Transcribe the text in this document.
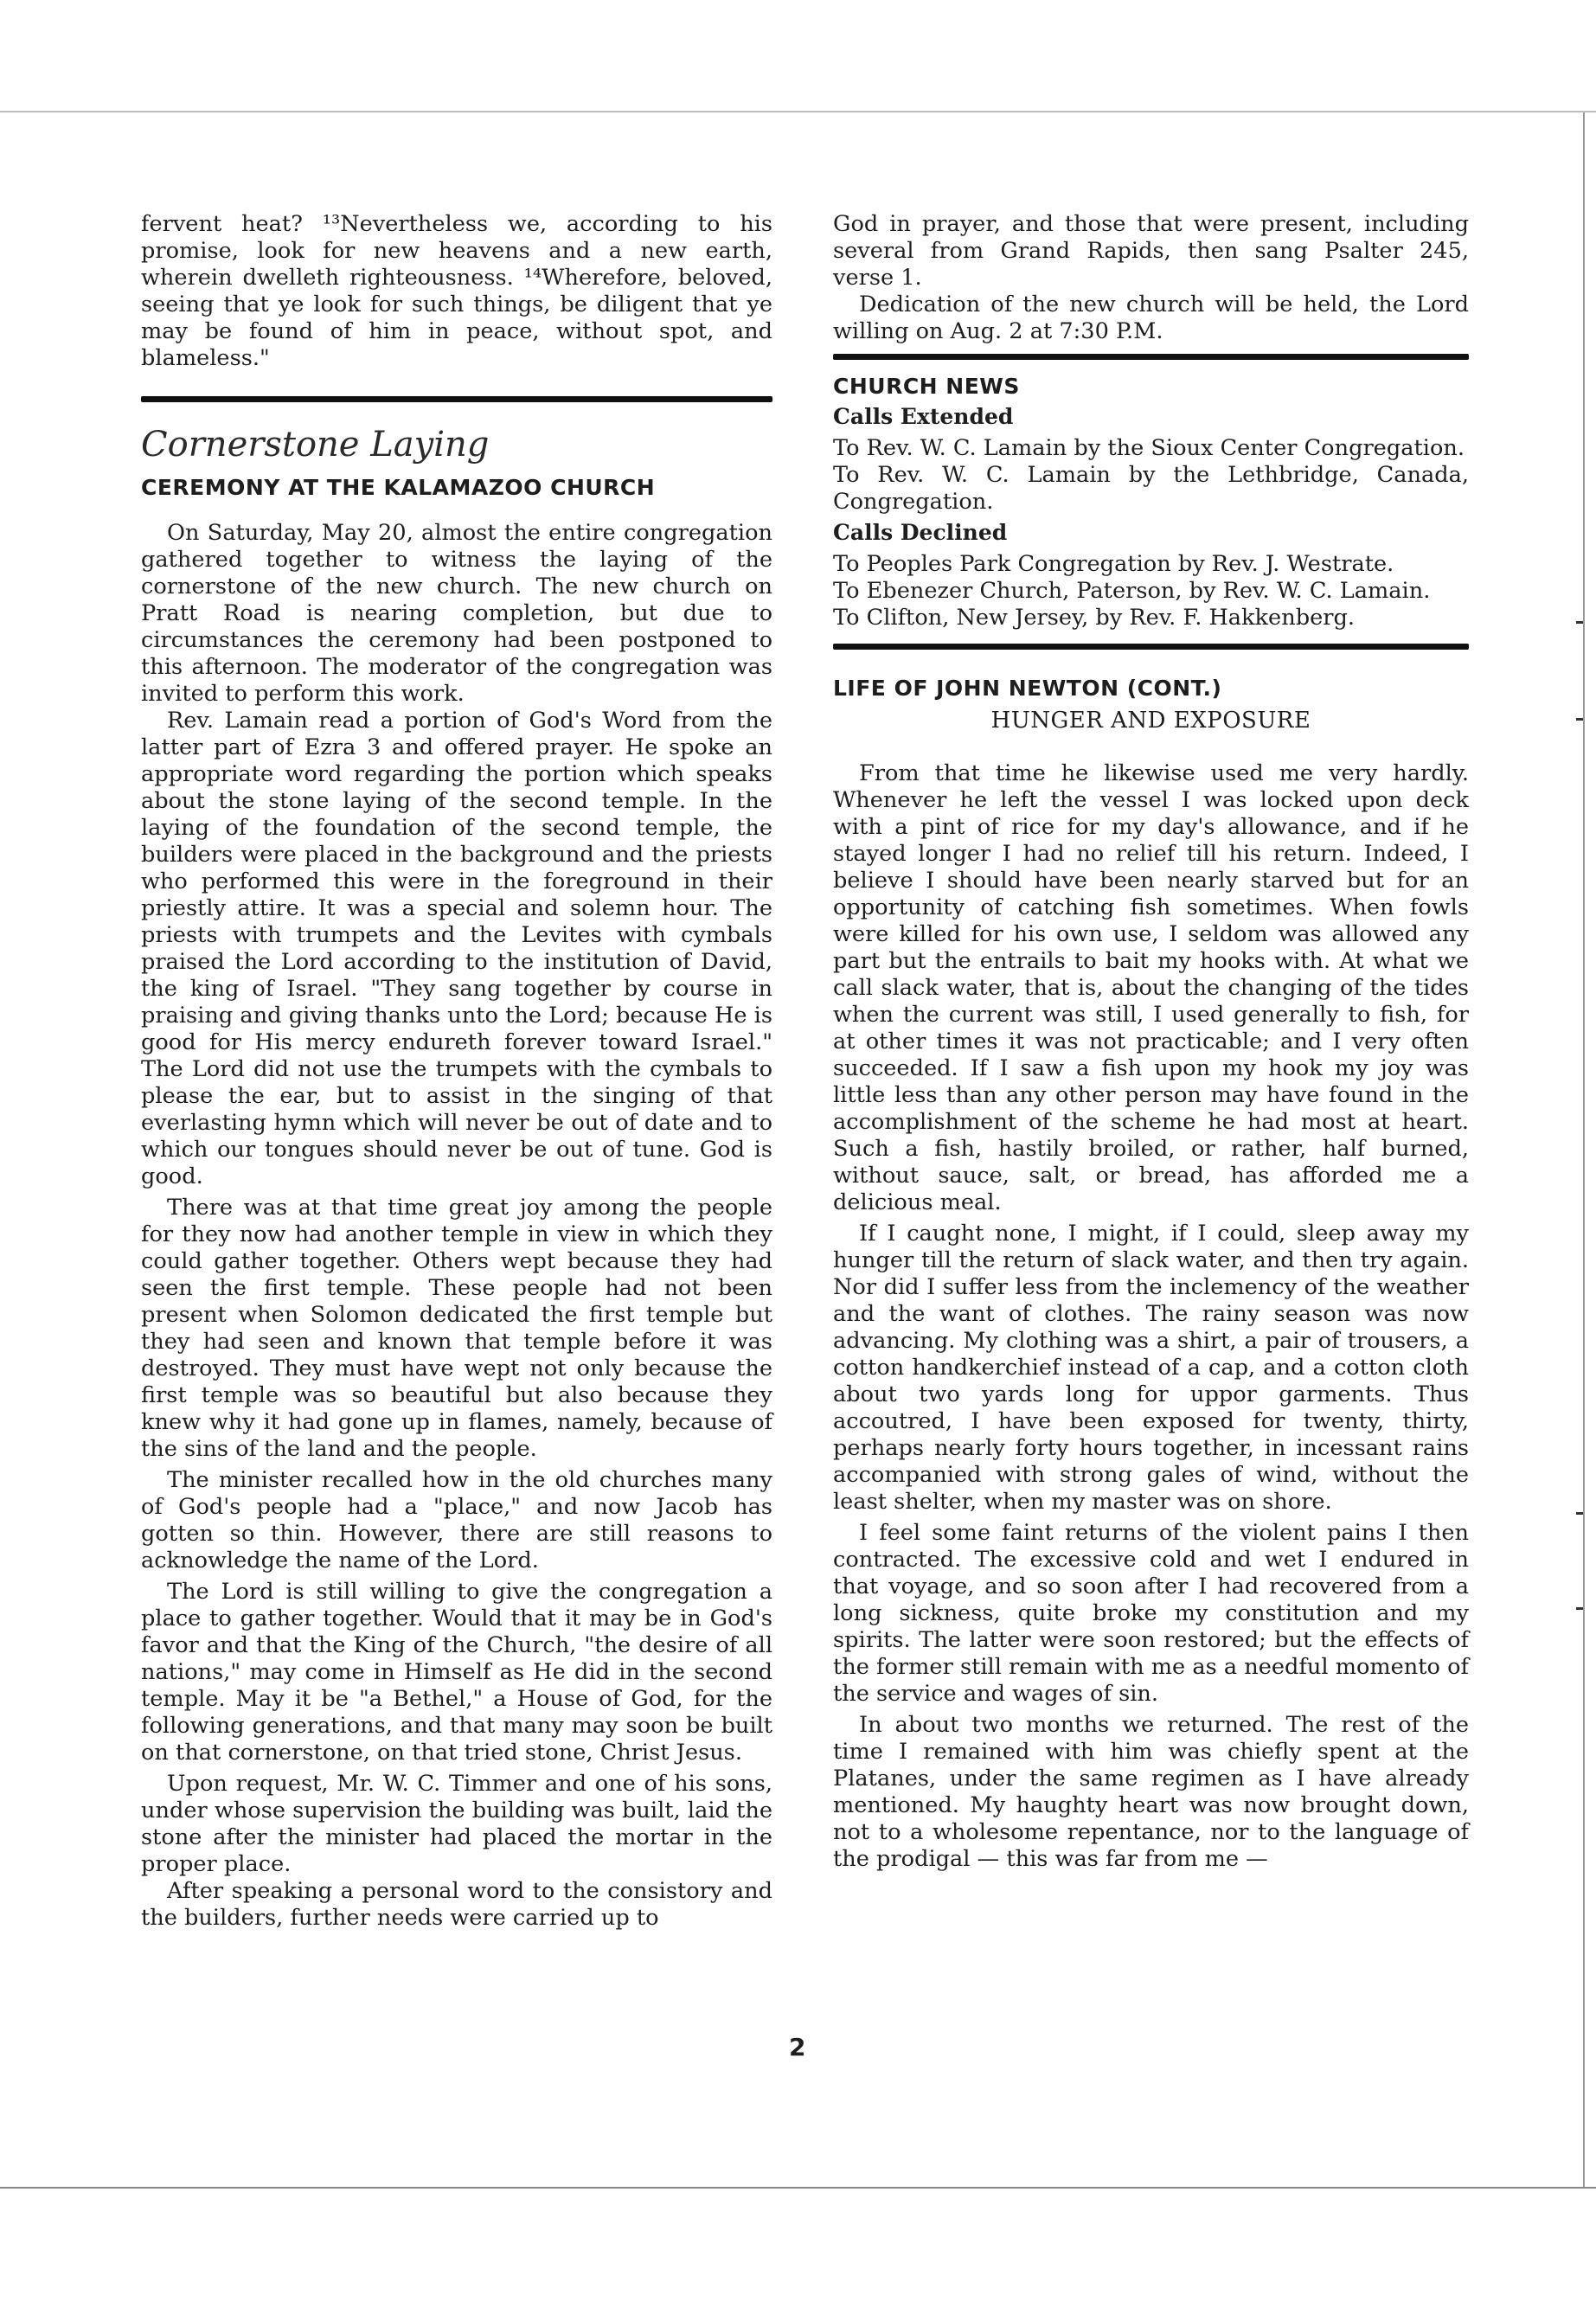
fervent heat? ¹³Nevertheless we, according to his promise, look for new heavens and a new earth, wherein dwelleth righteousness. ¹⁴Wherefore, beloved, seeing that ye look for such things, be diligent that ye may be found of him in peace, without spot, and blameless."

Cornerstone Laying
CEREMONY AT THE KALAMAZOO CHURCH

On Saturday, May 20, almost the entire congregation gathered together to witness the laying of the cornerstone of the new church. The new church on Pratt Road is nearing completion, but due to circumstances the ceremony had been postponed to this afternoon. The moderator of the congregation was invited to perform this work.

Rev. Lamain read a portion of God's Word from the latter part of Ezra 3 and offered prayer. He spoke an appropriate word regarding the portion which speaks about the stone laying of the second temple. In the laying of the foundation of the second temple, the builders were placed in the background and the priests who performed this were in the foreground in their priestly attire. It was a special and solemn hour. The priests with trumpets and the Levites with cymbals praised the Lord according to the institution of David, the king of Israel. "They sang together by course in praising and giving thanks unto the Lord; because He is good for His mercy endureth forever toward Israel." The Lord did not use the trumpets with the cymbals to please the ear, but to assist in the singing of that everlasting hymn which will never be out of date and to which our tongues should never be out of tune. God is good.

There was at that time great joy among the people for they now had another temple in view in which they could gather together. Others wept because they had seen the first temple. These people had not been present when Solomon dedicated the first temple but they had seen and known that temple before it was destroyed. They must have wept not only because the first temple was so beautiful but also because they knew why it had gone up in flames, namely, because of the sins of the land and the people.

The minister recalled how in the old churches many of God's people had a "place," and now Jacob has gotten so thin. However, there are still reasons to acknowledge the name of the Lord.

The Lord is still willing to give the congregation a place to gather together. Would that it may be in God's favor and that the King of the Church, "the desire of all nations," may come in Himself as He did in the second temple. May it be "a Bethel," a House of God, for the following generations, and that many may soon be built on that cornerstone, on that tried stone, Christ Jesus.

Upon request, Mr. W. C. Timmer and one of his sons, under whose supervision the building was built, laid the stone after the minister had placed the mortar in the proper place.

After speaking a personal word to the consistory and the builders, further needs were carried up to

God in prayer, and those that were present, including several from Grand Rapids, then sang Psalter 245, verse 1.

Dedication of the new church will be held, the Lord willing on Aug. 2 at 7:30 P.M.

CHURCH NEWS
Calls Extended

To Rev. W. C. Lamain by the Sioux Center Congregation.

To Rev. W. C. Lamain by the Lethbridge, Canada, Congregation.

Calls Declined

To Peoples Park Congregation by Rev. J. Westrate.

To Ebenezer Church, Paterson, by Rev. W. C. Lamain.

To Clifton, New Jersey, by Rev. F. Hakkenberg.

LIFE OF JOHN NEWTON (CONT.)
HUNGER AND EXPOSURE

From that time he likewise used me very hardly. Whenever he left the vessel I was locked upon deck with a pint of rice for my day's allowance, and if he stayed longer I had no relief till his return. Indeed, I believe I should have been nearly starved but for an opportunity of catching fish sometimes. When fowls were killed for his own use, I seldom was allowed any part but the entrails to bait my hooks with. At what we call slack water, that is, about the changing of the tides when the current was still, I used generally to fish, for at other times it was not practicable; and I very often succeeded. If I saw a fish upon my hook my joy was little less than any other person may have found in the accomplishment of the scheme he had most at heart. Such a fish, hastily broiled, or rather, half burned, without sauce, salt, or bread, has afforded me a delicious meal.

If I caught none, I might, if I could, sleep away my hunger till the return of slack water, and then try again. Nor did I suffer less from the inclemency of the weather and the want of clothes. The rainy season was now advancing. My clothing was a shirt, a pair of trousers, a cotton handkerchief instead of a cap, and a cotton cloth about two yards long for uppor garments. Thus accoutred, I have been exposed for twenty, thirty, perhaps nearly forty hours together, in incessant rains accompanied with strong gales of wind, without the least shelter, when my master was on shore.

I feel some faint returns of the violent pains I then contracted. The excessive cold and wet I endured in that voyage, and so soon after I had recovered from a long sickness, quite broke my constitution and my spirits. The latter were soon restored; but the effects of the former still remain with me as a needful momento of the service and wages of sin.

In about two months we returned. The rest of the time I remained with him was chiefly spent at the Platanes, under the same regimen as I have already mentioned. My haughty heart was now brought down, not to a wholesome repentance, nor to the language of the prodigal — this was far from me —

2
